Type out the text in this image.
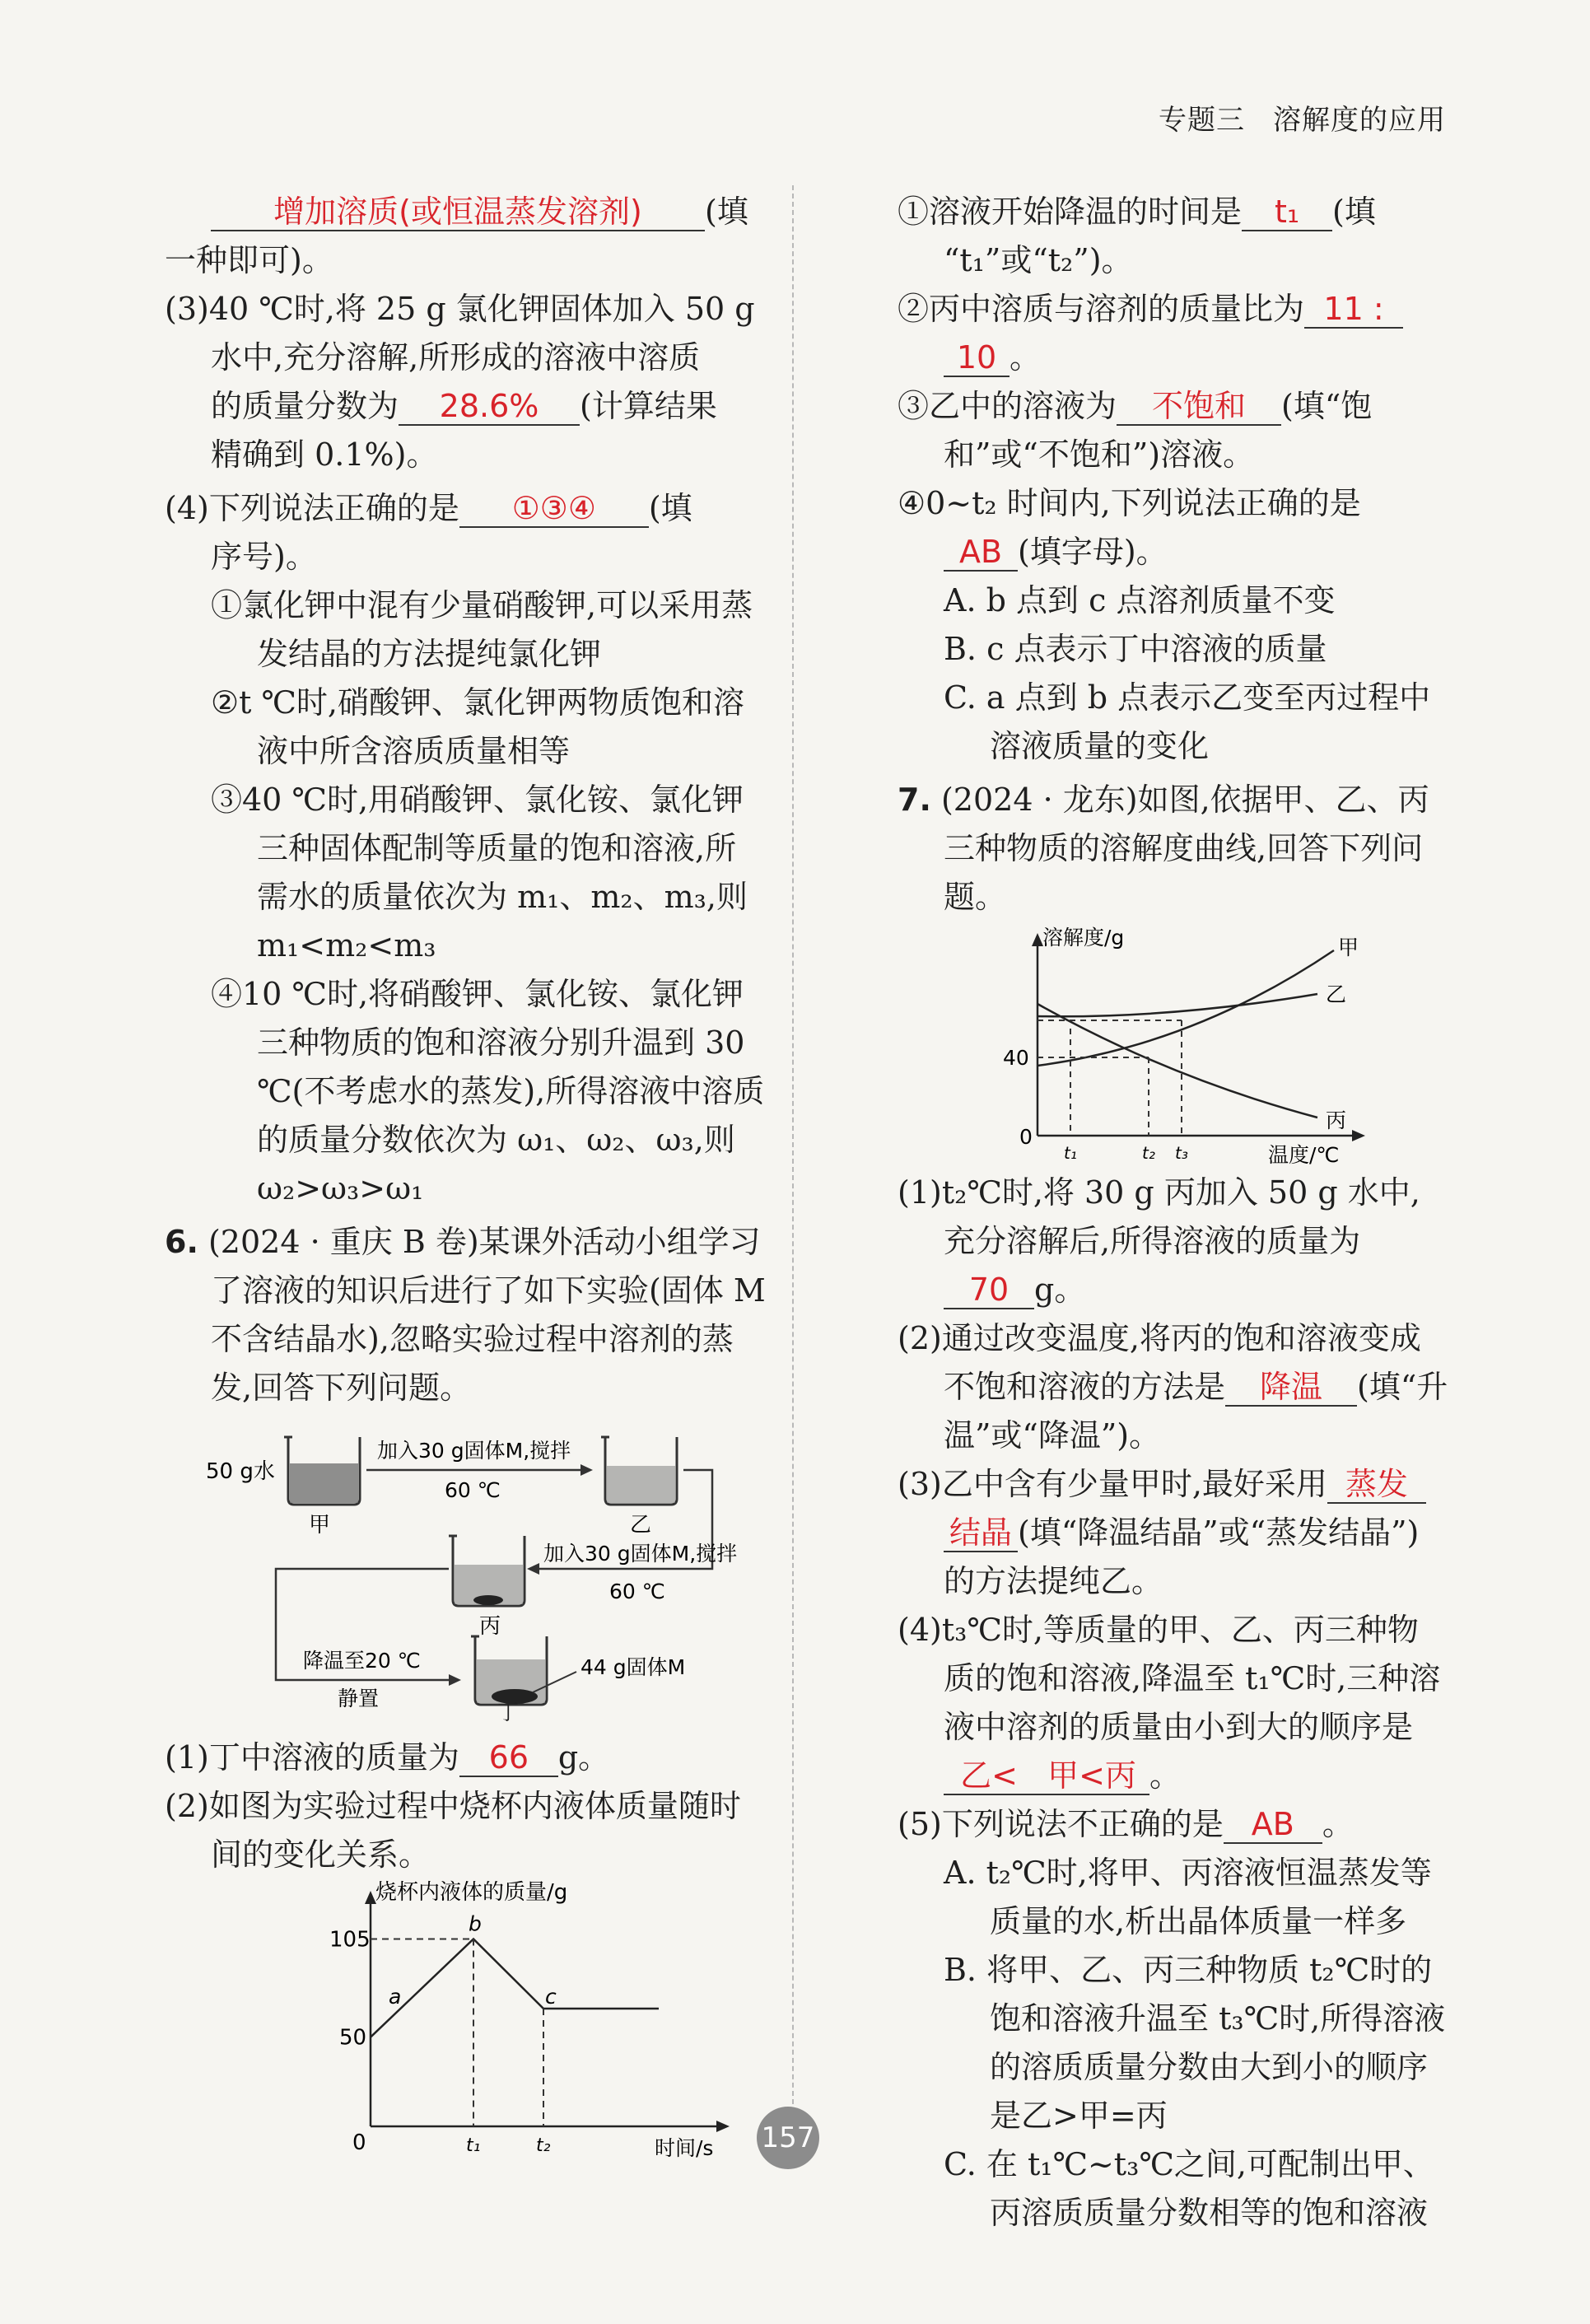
专题三 溶解度的应用

增加溶质(或恒温蒸发溶剂) (填

一种即可)。

(3)40 ℃时,将 25 g 氯化钾固体加入 50 g

水中,充分溶解,所形成的溶液中溶质

的质量分数为 28.6% (计算结果

精确到 0.1%)。

(4)下列说法正确的是 ①③④ (填

序号)。

①氯化钾中混有少量硝酸钾,可以采用蒸发结晶的方法提纯氯化钾

②t ℃时,硝酸钾、氯化钾两物质饱和溶液中所含溶质质量相等

③40 ℃时,用硝酸钾、氯化铵、氯化钾三种固体配制等质量的饱和溶液,所需水的质量依次为 m₁、m₂、m₃,则 m₁<m₂<m₃

④10 ℃时,将硝酸钾、氯化铵、氯化钾三种物质的饱和溶液分别升温到 30 ℃(不考虑水的蒸发),所得溶液中溶质的质量分数依次为 ω₁、ω₂、ω₃,则 ω₂>ω₃>ω₁

6. (2024 · 重庆 B 卷)某课外活动小组学习了溶液的知识后进行了如下实验(固体 M 不含结晶水),忽略实验过程中溶剂的蒸发,回答下列问题。

50 g水
甲
加入30 g固体M,搅拌
60 ℃
乙
加入30 g固体M,搅拌
60 ℃
丙
降温至20 ℃
静置
44 g固体M
丁

(1)丁中溶液的质量为 66 g。

(2)如图为实验过程中烧杯内液体质量随时间的变化关系。

烧杯内液体的质量/g
时间/s
105
50
0	t₁	t₂
a
b
c

①溶液开始降温的时间是 t₁ (填

“t₁”或“t₂”)。

②丙中溶质与溶剂的质量比为 11 :

10 。

③乙中的溶液为 不饱和 (填“饱

和”或“不饱和”)溶液。

④0~t₂ 时间内,下列说法正确的是

AB (填字母)。

A. b 点到 c 点溶剂质量不变

B. c 点表示丁中溶液的质量

C. a 点到 b 点表示乙变至丙过程中溶液质量的变化

7. (2024 · 龙东)如图,依据甲、乙、丙三种物质的溶解度曲线,回答下列问题。

溶解度/g
温度/℃
40
0
t₁	t₂ t₃
甲
乙
丙

(1)t₂℃时,将 30 g 丙加入 50 g 水中,充分溶解后,所得溶液的质量为70 g。

(2)通过改变温度,将丙的饱和溶液变成不饱和溶液的方法是 降温 (填“升温”或“降温”)。

(3)乙中含有少量甲时,最好采用 蒸发结晶 (填“降温结晶”或“蒸发结晶”)的方法提纯乙。

(4)t₃℃时,等质量的甲、乙、丙三种物质的饱和溶液,降温至 t₁℃时,三种溶液中溶剂的质量由小到大的顺序是乙< 甲<丙 。

(5)下列说法不正确的是 AB 。

A. t₂℃时,将甲、丙溶液恒温蒸发等质量的水,析出晶体质量一样多

B. 将甲、乙、丙三种物质 t₂℃时的饱和溶液升温至 t₃℃时,所得溶液的溶质质量分数由大到小的顺序是乙>甲=丙

C. 在 t₁℃~t₃℃之间,可配制出甲、丙溶质质量分数相等的饱和溶液

157
